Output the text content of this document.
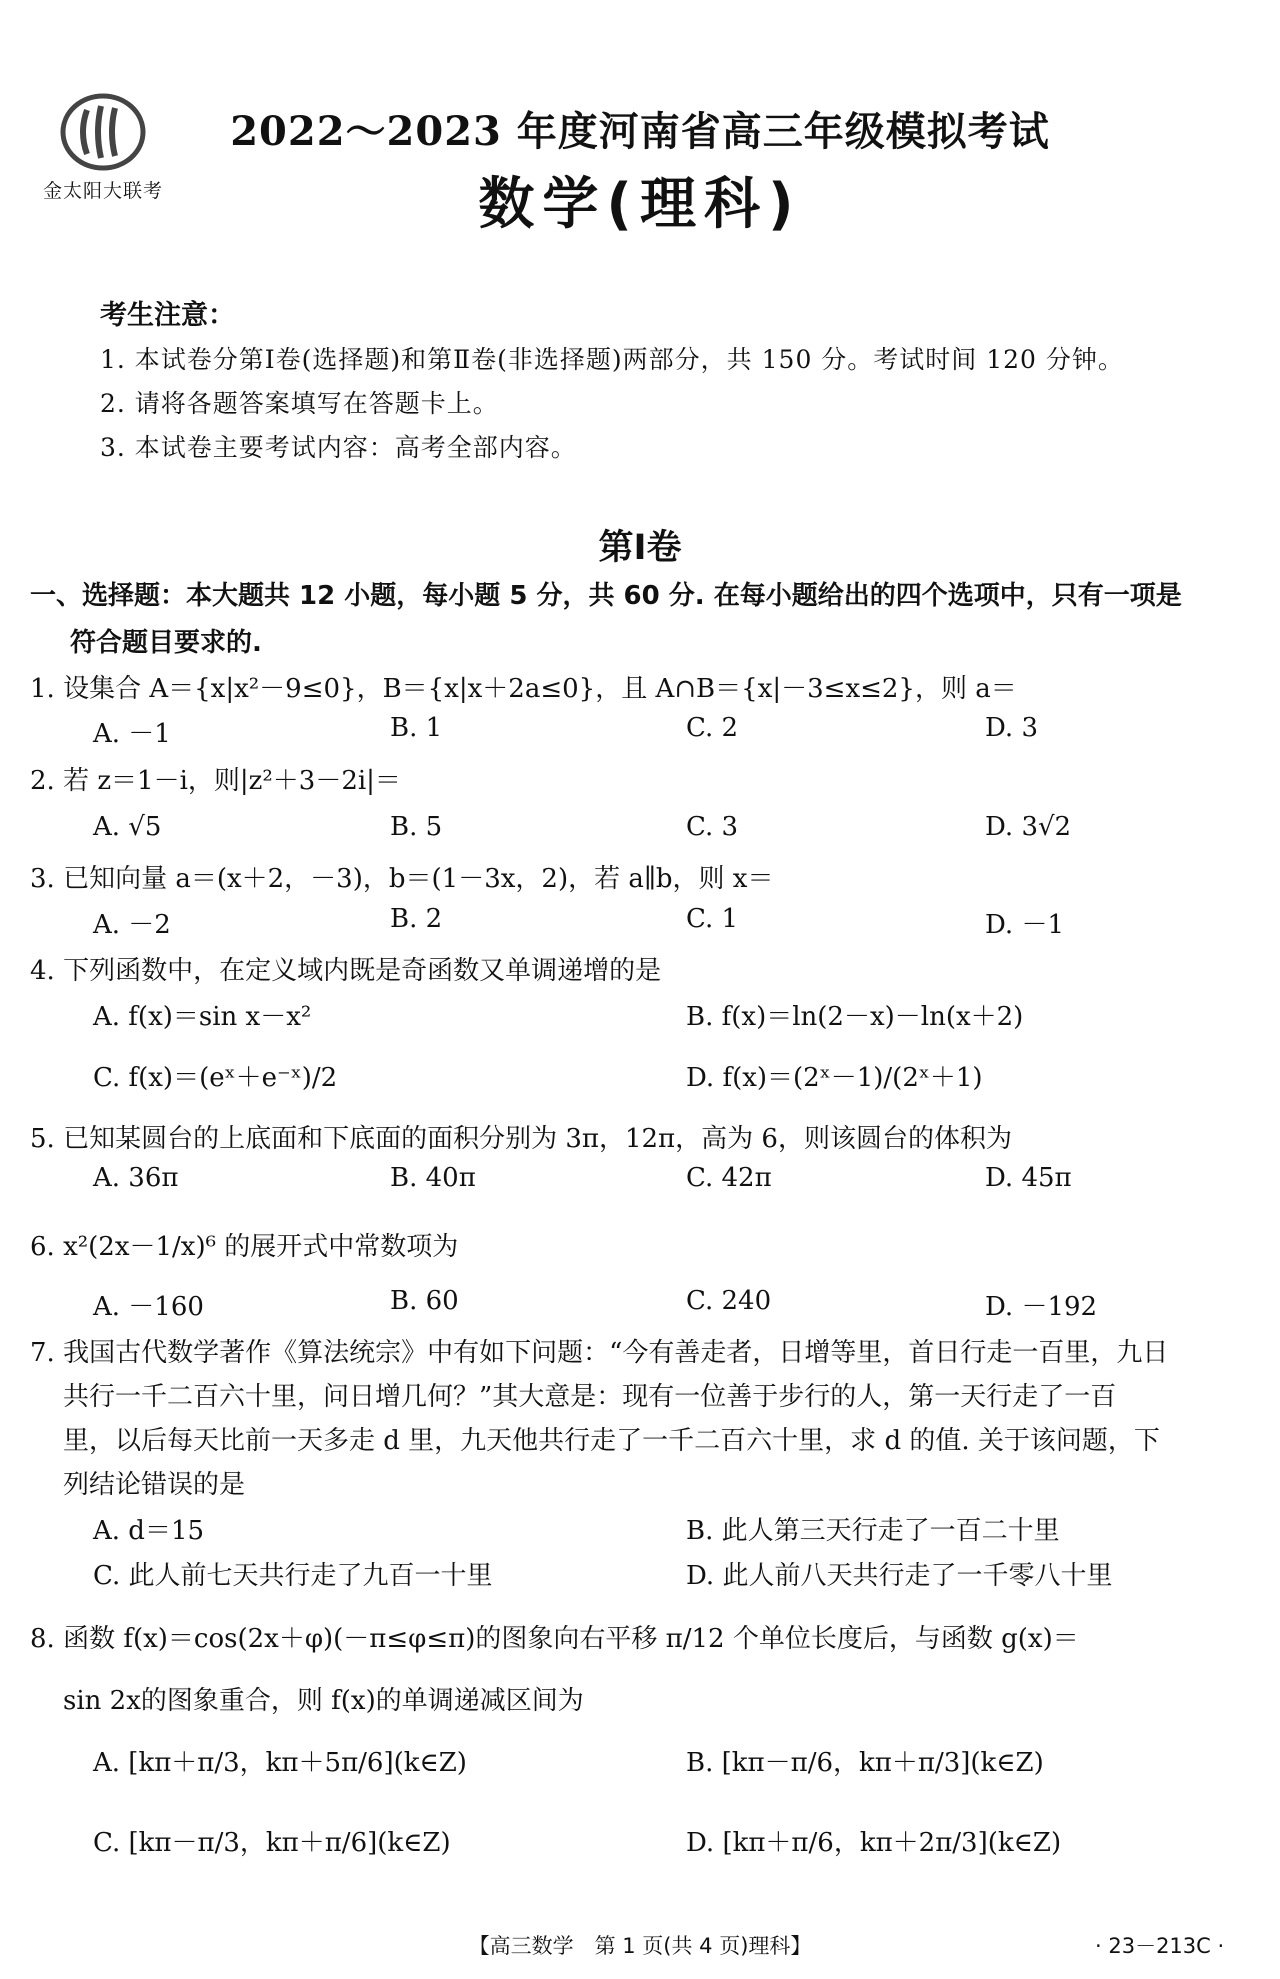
金太阳大联考
2022～2023 年度河南省高三年级模拟考试
数学(理科)
考生注意：
1. 本试卷分第Ⅰ卷(选择题)和第Ⅱ卷(非选择题)两部分，共 150 分。考试时间 120 分钟。
2. 请将各题答案填写在答题卡上。
3. 本试卷主要考试内容：高考全部内容。
第Ⅰ卷
一、选择题：本大题共 12 小题，每小题 5 分，共 60 分. 在每小题给出的四个选项中，只有一项是
符合题目要求的.
1. 设集合 A＝{x|x²－9≤0}，B＝{x|x＋2a≤0}，且 A∩B＝{x|－3≤x≤2}，则 a＝
A. －1	B. 1	C. 2	D. 3
2. 若 z＝1－i，则|z²＋3－2i|＝
A. √5	B. 5	C. 3	D. 3√2
3. 已知向量 a＝(x＋2，－3)，b＝(1－3x，2)，若 a∥b，则 x＝
A. －2	B. 2	C. 1	D. －1
4. 下列函数中，在定义域内既是奇函数又单调递增的是
A. f(x)＝sin x－x²	B. f(x)＝ln(2－x)－ln(x＋2)
C. f(x)＝(eˣ＋e⁻ˣ)/2	D. f(x)＝(2ˣ－1)/(2ˣ＋1)
5. 已知某圆台的上底面和下底面的面积分别为 3π，12π，高为 6，则该圆台的体积为
A. 36π	B. 40π	C. 42π	D. 45π
6. x²(2x－1/x)⁶ 的展开式中常数项为
A. －160	B. 60	C. 240	D. －192
7. 我国古代数学著作《算法统宗》中有如下问题：“今有善走者，日增等里，首日行走一百里，九日
共行一千二百六十里，问日增几何？”其大意是：现有一位善于步行的人，第一天行走了一百
里，以后每天比前一天多走 d 里，九天他共行走了一千二百六十里，求 d 的值. 关于该问题，下
列结论错误的是
A. d＝15	B. 此人第三天行走了一百二十里
C. 此人前七天共行走了九百一十里	D. 此人前八天共行走了一千零八十里
8. 函数 f(x)＝cos(2x＋φ)(－π≤φ≤π)的图象向右平移 π/12 个单位长度后，与函数 g(x)＝
sin 2x的图象重合，则 f(x)的单调递减区间为
A. [kπ＋π/3，kπ＋5π/6](k∈Z)	B. [kπ－π/6，kπ＋π/3](k∈Z)
C. [kπ－π/3，kπ＋π/6](k∈Z)	D. [kπ＋π/6，kπ＋2π/3](k∈Z)
【高三数学　第 1 页(共 4 页)理科】	· 23－213C ·
